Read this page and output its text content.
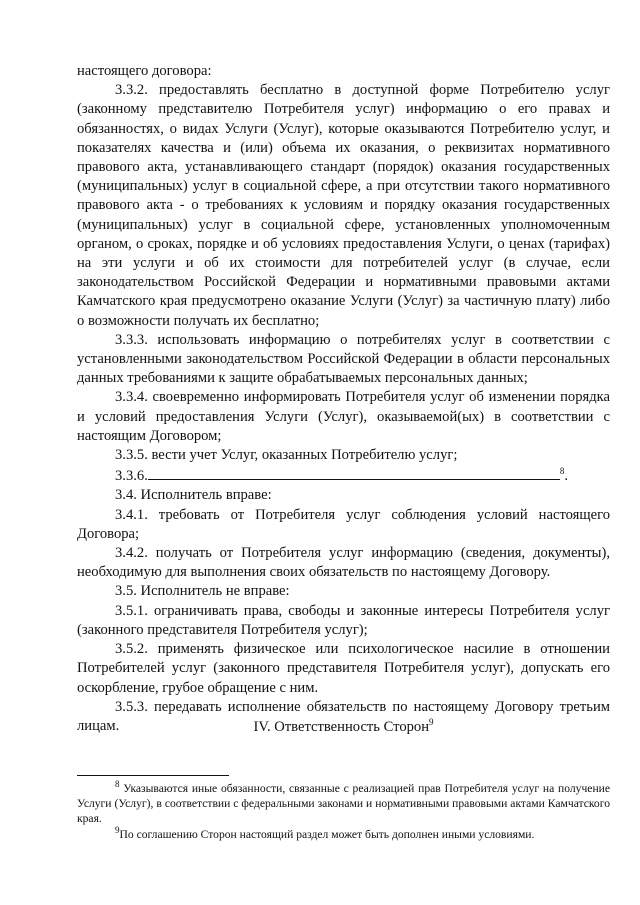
настоящего договора:

3.3.2. предоставлять бесплатно в доступной форме Потребителю услуг (законному представителю Потребителя услуг) информацию о его правах и обязанностях, о видах Услуги (Услуг), которые оказываются Потребителю услуг, и показателях качества и (или) объема их оказания, о реквизитах нормативного правового акта, устанавливающего стандарт (порядок) оказания государственных (муниципальных) услуг в социальной сфере, а при отсутствии такого нормативного правового акта - о требованиях к условиям и порядку оказания государственных (муниципальных) услуг в социальной сфере, установленных уполномоченным органом, о сроках, порядке и об условиях предоставления Услуги, о ценах (тарифах) на эти услуги и об их стоимости для потребителей услуг (в случае, если законодательством Российской Федерации и нормативными правовыми актами Камчатского края предусмотрено оказание Услуги (Услуг) за частичную плату) либо о возможности получать их бесплатно;

3.3.3. использовать информацию о потребителях услуг в соответствии с установленными законодательством Российской Федерации в области персональных данных требованиями к защите обрабатываемых персональных данных;

3.3.4. своевременно информировать Потребителя услуг об изменении порядка и условий предоставления Услуги (Услуг), оказываемой(ых) в соответствии с настоящим Договором;

3.3.5. вести учет Услуг, оказанных Потребителю услуг;

3.3.6.	$^8$.

3.4. Исполнитель вправе:

3.4.1. требовать от Потребителя услуг соблюдения условий настоящего Договора;

3.4.2. получать от Потребителя услуг информацию (сведения, документы), необходимую для выполнения своих обязательств по настоящему Договору.

3.5. Исполнитель не вправе:

3.5.1. ограничивать права, свободы и законные интересы Потребителя услуг (законного представителя Потребителя услуг);

3.5.2. применять физическое или психологическое насилие в отношении Потребителей услуг (законного представителя Потребителя услуг), допускать его оскорбление, грубое обращение с ним.

3.5.3. передавать исполнение обязательств по настоящему Договору третьим лицам.	IV. Ответственность Сторон$^9$

$^8$ Указываются иные обязанности, связанные с реализацией прав Потребителя услуг на получение Услуги (Услуг), в соответствии с федеральными законами и нормативными правовыми актами Камчатского края.

$^9$По соглашению Сторон настоящий раздел может быть дополнен иными условиями.
